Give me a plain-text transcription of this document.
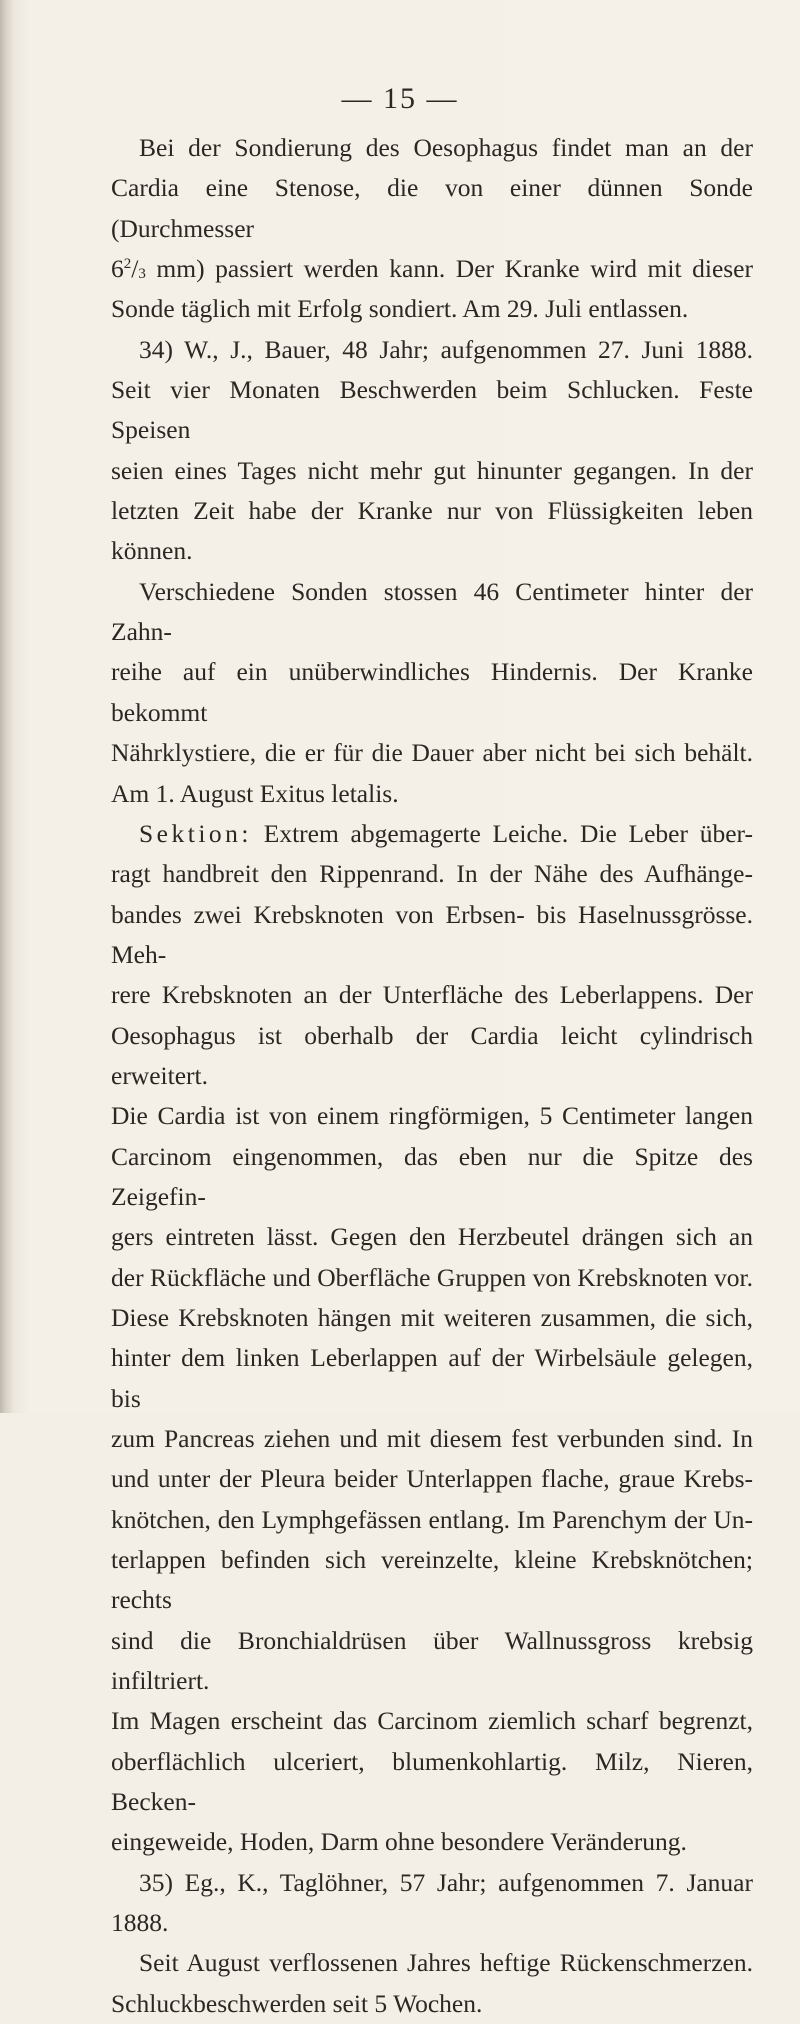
— 15 —

Bei der Sondierung des Oesophagus findet man an der

Cardia eine Stenose, die von einer dünnen Sonde (Durchmesser

$6^2/_3$ mm) passiert werden kann. Der Kranke wird mit dieser

Sonde täglich mit Erfolg sondiert. Am 29. Juli entlassen.

34) W., J., Bauer, 48 Jahr; aufgenommen 27. Juni 1888.

Seit vier Monaten Beschwerden beim Schlucken. Feste Speisen

seien eines Tages nicht mehr gut hinunter gegangen. In der

letzten Zeit habe der Kranke nur von Flüssigkeiten leben können.

Verschiedene Sonden stossen 46 Centimeter hinter der Zahn-

reihe auf ein unüberwindliches Hindernis. Der Kranke bekommt

Nährklystiere, die er für die Dauer aber nicht bei sich behält.

Am 1. August Exitus letalis.

Sektion: Extrem abgemagerte Leiche. Die Leber über-

ragt handbreit den Rippenrand. In der Nähe des Aufhänge-

bandes zwei Krebsknoten von Erbsen- bis Haselnussgrösse. Meh-

rere Krebsknoten an der Unterfläche des Leberlappens. Der

Oesophagus ist oberhalb der Cardia leicht cylindrisch erweitert.

Die Cardia ist von einem ringförmigen, 5 Centimeter langen

Carcinom eingenommen, das eben nur die Spitze des Zeigefin-

gers eintreten lässt. Gegen den Herzbeutel drängen sich an

der Rückfläche und Oberfläche Gruppen von Krebsknoten vor.

Diese Krebsknoten hängen mit weiteren zusammen, die sich,

hinter dem linken Leberlappen auf der Wirbelsäule gelegen, bis

zum Pancreas ziehen und mit diesem fest verbunden sind. In

und unter der Pleura beider Unterlappen flache, graue Krebs-

knötchen, den Lymphgefässen entlang. Im Parenchym der Un-

terlappen befinden sich vereinzelte, kleine Krebsknötchen; rechts

sind die Bronchialdrüsen über Wallnussgross krebsig infiltriert.

Im Magen erscheint das Carcinom ziemlich scharf begrenzt,

oberflächlich ulceriert, blumenkohlartig. Milz, Nieren, Becken-

eingeweide, Hoden, Darm ohne besondere Veränderung.

35) Eg., K., Taglöhner, 57 Jahr; aufgenommen 7. Januar

1888.

Seit August verflossenen Jahres heftige Rückenschmerzen.

Schluckbeschwerden seit 5 Wochen.
